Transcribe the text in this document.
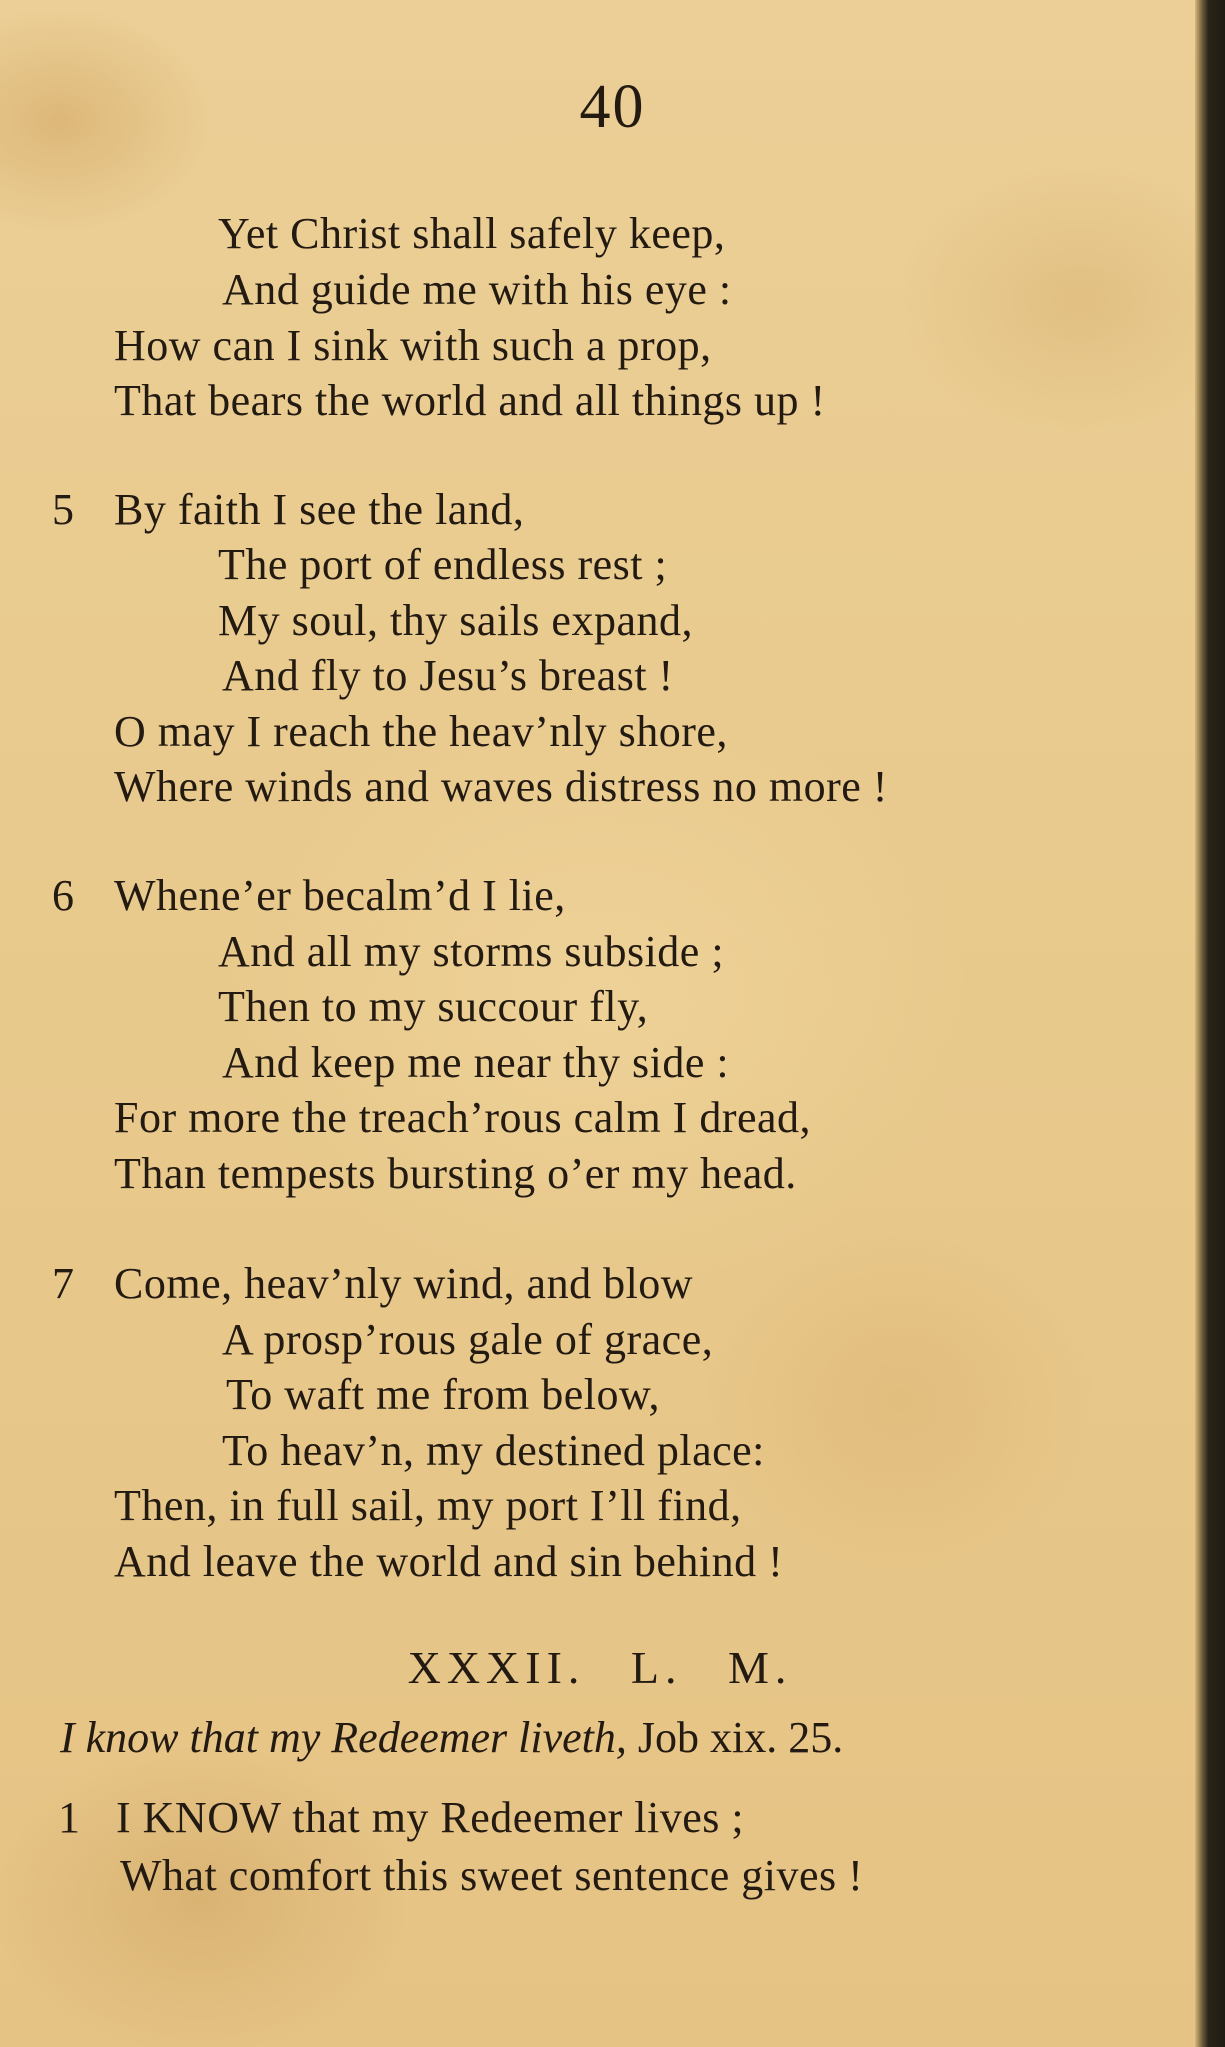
40
Yet Christ shall safely keep,
And guide me with his eye :
How can I sink with such a prop,
That bears the world and all things up !
5 By faith I see the land,
The port of endless rest ;
My soul, thy sails expand,
And fly to Jesu’s breast !
O may I reach the heav’nly shore,
Where winds and waves distress no more !
6 Whene’er becalm’d I lie,
And all my storms subside ;
Then to my succour fly,
And keep me near thy side :
For more the treach’rous calm I dread,
Than tempests bursting o’er my head.
7 Come, heav’nly wind, and blow
A prosp’rous gale of grace,
To waft me from below,
To heav’n, my destined place:
Then, in full sail, my port I’ll find,
And leave the world and sin behind !
XXXII. L. M.
I know that my Redeemer liveth, Job xix. 25.
1 I KNOW that my Redeemer lives ;
What comfort this sweet sentence gives !
